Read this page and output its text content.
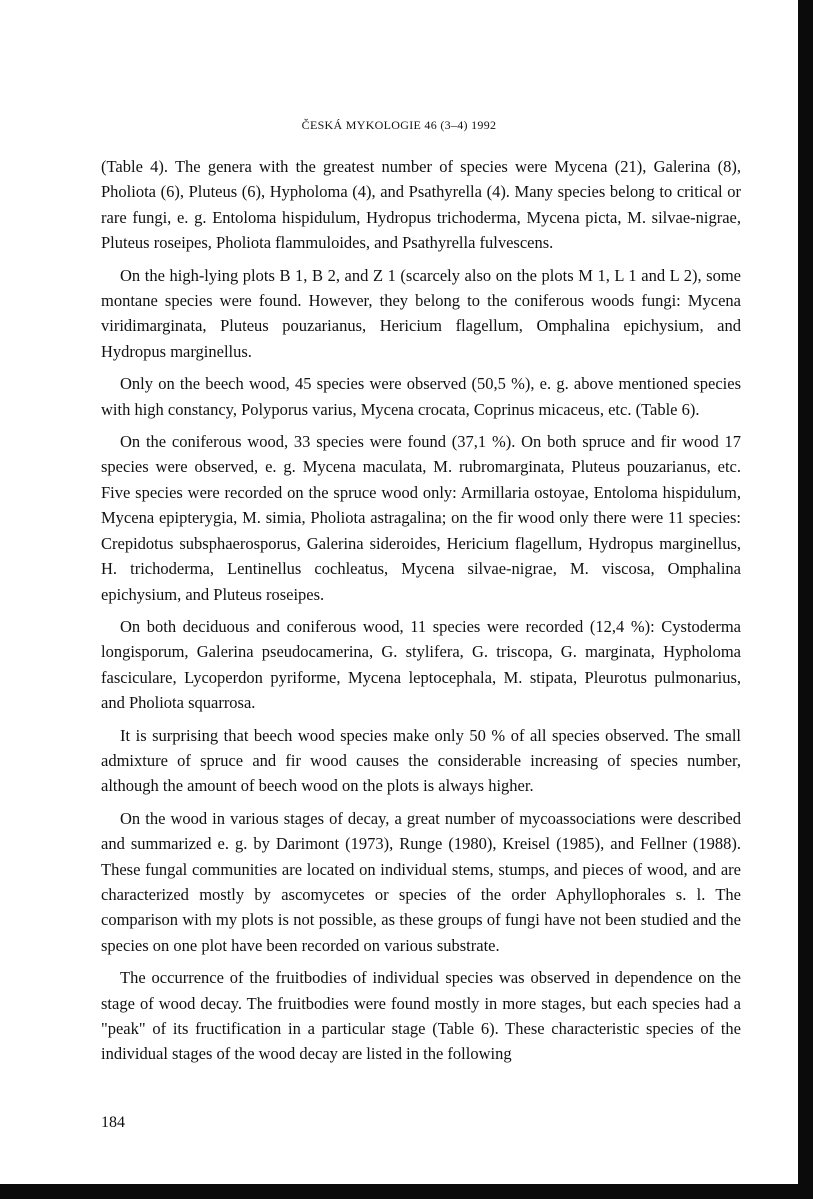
ČESKÁ MYKOLOGIE 46 (3–4) 1992

(Table 4). The genera with the greatest number of species were Mycena (21), Galerina (8), Pholiota (6), Pluteus (6), Hypholoma (4), and Psathyrella (4). Many species belong to critical or rare fungi, e. g. Entoloma hispidulum, Hydropus trichoderma, Mycena picta, M. silvae-nigrae, Pluteus roseipes, Pholiota flammuloides, and Psathyrella fulvescens.

On the high-lying plots B 1, B 2, and Z 1 (scarcely also on the plots M 1, L 1 and L 2), some montane species were found. However, they belong to the coniferous woods fungi: Mycena viridimarginata, Pluteus pouzarianus, Hericium flagellum, Omphalina epichysium, and Hydropus marginellus.

Only on the beech wood, 45 species were observed (50,5 %), e. g. above mentioned species with high constancy, Polyporus varius, Mycena crocata, Coprinus micaceus, etc. (Table 6).

On the coniferous wood, 33 species were found (37,1 %). On both spruce and fir wood 17 species were observed, e. g. Mycena maculata, M. rubromarginata, Pluteus pouzarianus, etc. Five species were recorded on the spruce wood only: Armillaria ostoyae, Entoloma hispidulum, Mycena epipterygia, M. simia, Pholiota astragalina; on the fir wood only there were 11 species: Crepidotus subsphaerosporus, Galerina sideroides, Hericium flagellum, Hydropus marginellus, H. trichoderma, Lentinellus cochleatus, Mycena silvae-nigrae, M. viscosa, Omphalina epichysium, and Pluteus roseipes.

On both deciduous and coniferous wood, 11 species were recorded (12,4 %): Cystoderma longisporum, Galerina pseudocamerina, G. stylifera, G. triscopa, G. marginata, Hypholoma fasciculare, Lycoperdon pyriforme, Mycena leptocephala, M. stipata, Pleurotus pulmonarius, and Pholiota squarrosa.

It is surprising that beech wood species make only 50 % of all species observed. The small admixture of spruce and fir wood causes the considerable increasing of species number, although the amount of beech wood on the plots is always higher.

On the wood in various stages of decay, a great number of mycoassociations were described and summarized e. g. by Darimont (1973), Runge (1980), Kreisel (1985), and Fellner (1988). These fungal communities are located on individual stems, stumps, and pieces of wood, and are characterized mostly by ascomycetes or species of the order Aphyllophorales s. l. The comparison with my plots is not possible, as these groups of fungi have not been studied and the species on one plot have been recorded on various substrate.

The occurrence of the fruitbodies of individual species was observed in dependence on the stage of wood decay. The fruitbodies were found mostly in more stages, but each species had a "peak" of its fructification in a particular stage (Table 6). These characteristic species of the individual stages of the wood decay are listed in the following

184
